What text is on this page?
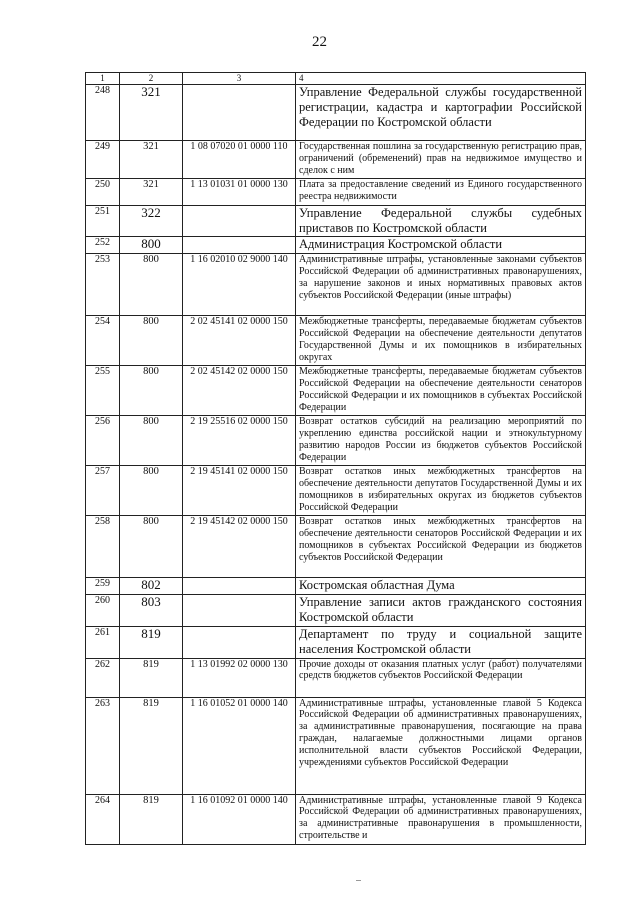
22
1	2	3	4
248	321		Управление Федеральной службы государственной регистрации, кадастра и картографии Российской Федерации по Костромской области
249	321	1 08 07020 01 0000 110	Государственная пошлина за государственную регистрацию прав, ограничений (обременений) прав на недвижимое имущество и сделок с ним
250	321	1 13 01031 01 0000 130	Плата за предоставление сведений из Единого государственного реестра недвижимости
251	322		Управление Федеральной службы судебных приставов по Костромской области
252	800		Администрация Костромской области
253	800	1 16 02010 02 9000 140	Административные штрафы, установленные законами субъектов Российской Федерации об административных правонарушениях, за нарушение законов и иных нормативных правовых актов субъектов Российской Федерации (иные штрафы)
254	800	2 02 45141 02 0000 150	Межбюджетные трансферты, передаваемые бюджетам субъектов Российской Федерации на обеспечение деятельности депутатов Государственной Думы и их помощников в избирательных округах
255	800	2 02 45142 02 0000 150	Межбюджетные трансферты, передаваемые бюджетам субъектов Российской Федерации на обеспечение деятельности сенаторов Российской Федерации и их помощников в субъектах Российской Федерации
256	800	2 19 25516 02 0000 150	Возврат остатков субсидий на реализацию мероприятий по укреплению единства российской нации и этнокультурному развитию народов России из бюджетов субъектов Российской Федерации
257	800	2 19 45141 02 0000 150	Возврат остатков иных межбюджетных трансфертов на обеспечение деятельности депутатов Государственной Думы и их помощников в избирательных округах из бюджетов субъектов Российской Федерации
258	800	2 19 45142 02 0000 150	Возврат остатков иных межбюджетных трансфертов на обеспечение деятельности сенаторов Российской Федерации и их помощников в субъектах Российской Федерации из бюджетов субъектов Российской Федерации
259	802		Костромская областная Дума
260	803		Управление записи актов гражданского состояния Костромской области
261	819		Департамент по труду и социальной защите населения Костромской области
262	819	1 13 01992 02 0000 130	Прочие доходы от оказания платных услуг (работ) получателями средств бюджетов субъектов Российской Федерации
263	819	1 16 01052 01 0000 140	Административные штрафы, установленные главой 5 Кодекса Российской Федерации об административных правонарушениях, за административные правонарушения, посягающие на права граждан, налагаемые должностными лицами органов исполнительной власти субъектов Российской Федерации, учреждениями субъектов Российской Федерации
264	819	1 16 01092 01 0000 140	Административные штрафы, установленные главой 9 Кодекса Российской Федерации об административных правонарушениях, за административные правонарушения в промышленности, строительстве и
